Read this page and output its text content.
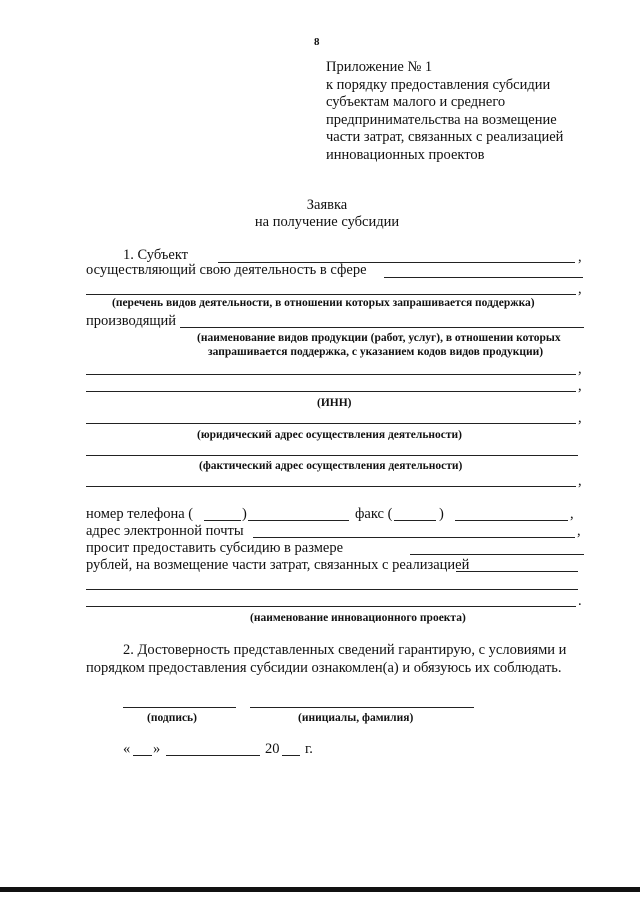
8
Приложение № 1
к порядку предоставления субсидии
субъектам малого и среднего
предпринимательства на возмещение
части затрат, связанных с реализацией
инновационных проектов
Заявка
на получение субсидии
1. Субъект	,
осуществляющий свою деятельность в сфере
,
(перечень видов деятельности, в отношении которых запрашивается поддержка)
производящий
(наименование видов продукции (работ, услуг), в отношении которых
запрашивается поддержка, с указанием кодов видов продукции)
,
,
(ИНН)
,
(юридический адрес осуществления деятельности)
(фактический адрес осуществления деятельности)
,
номер телефона (	)	факс (	)	,
адрес электронной почты	,
просит предоставить субсидию в размере
рублей, на возмещение части затрат, связанных с реализацией
.
(наименование инновационного проекта)
2. Достоверность представленных сведений гарантирую, с условиями и
порядком предоставления субсидии ознакомлен(а) и обязуюсь их соблюдать.
(подпись)	(инициалы, фамилия)
« »	20 г.
